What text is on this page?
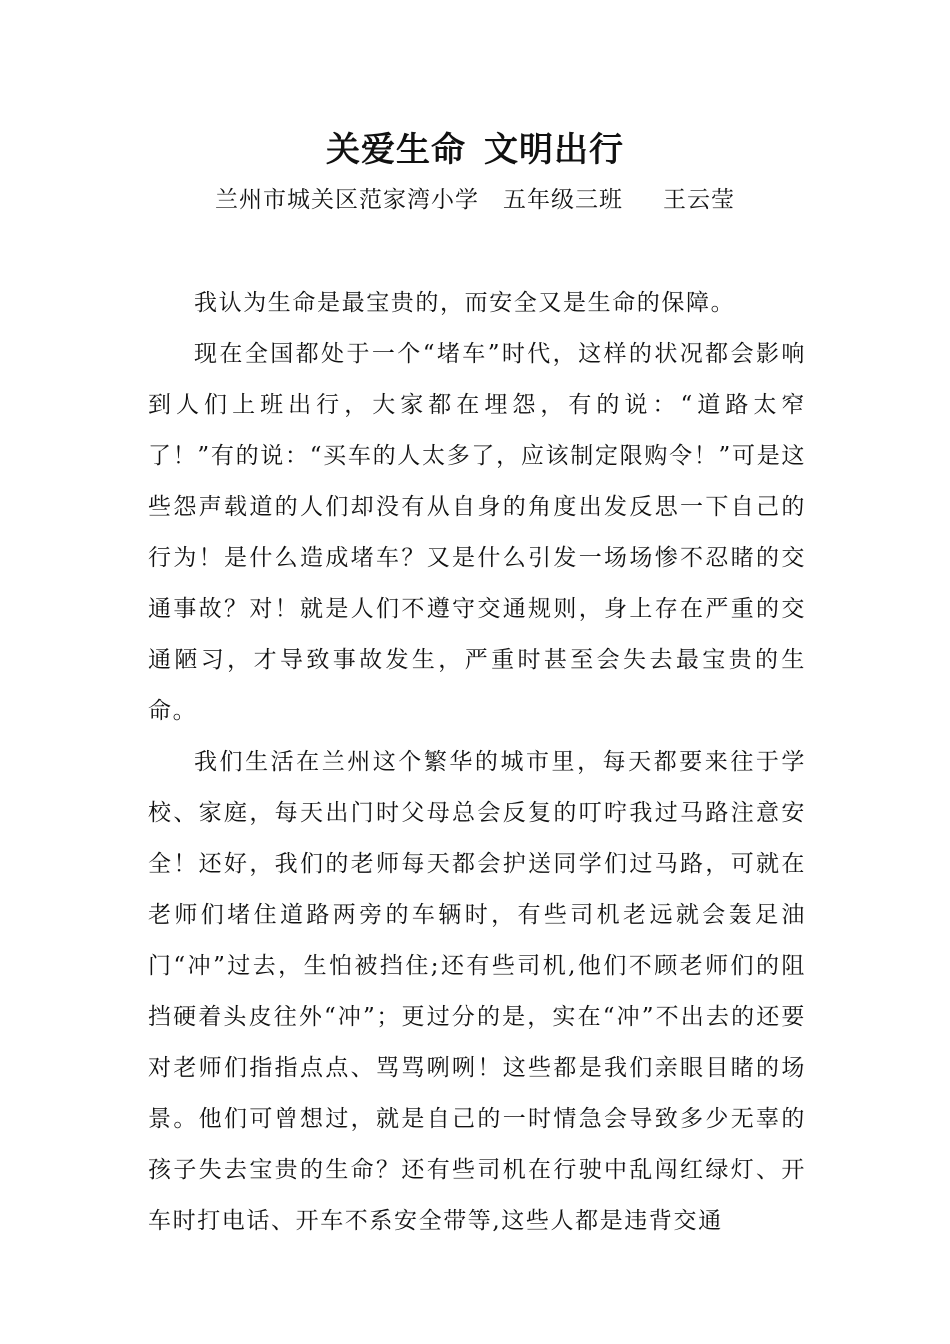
关爱生命 文明出行
兰州市城关区范家湾小学 五年级三班 王云莹

我认为生命是最宝贵的，而安全又是生命的保障。

现在全国都处于一个“堵车”时代，这样的状况都会影响到人们上班出行，大家都在埋怨，有的说：“道路太窄了！”有的说：“买车的人太多了，应该制定限购令！”可是这些怨声载道的人们却没有从自身的角度出发反思一下自己的行为！是什么造成堵车？又是什么引发一场场惨不忍睹的交通事故？对！就是人们不遵守交通规则，身上存在严重的交通陋习，才导致事故发生，严重时甚至会失去最宝贵的生命。

我们生活在兰州这个繁华的城市里，每天都要来往于学校、家庭，每天出门时父母总会反复的叮咛我过马路注意安全！还好，我们的老师每天都会护送同学们过马路，可就在老师们堵住道路两旁的车辆时，有些司机老远就会轰足油门“冲”过去，生怕被挡住;还有些司机,他们不顾老师们的阻挡硬着头皮往外“冲”；更过分的是，实在“冲”不出去的还要对老师们指指点点、骂骂咧咧！这些都是我们亲眼目睹的场景。他们可曾想过，就是自己的一时情急会导致多少无辜的孩子失去宝贵的生命？还有些司机在行驶中乱闯红绿灯、开车时打电话、开车不系安全带等,这些人都是违背交通
